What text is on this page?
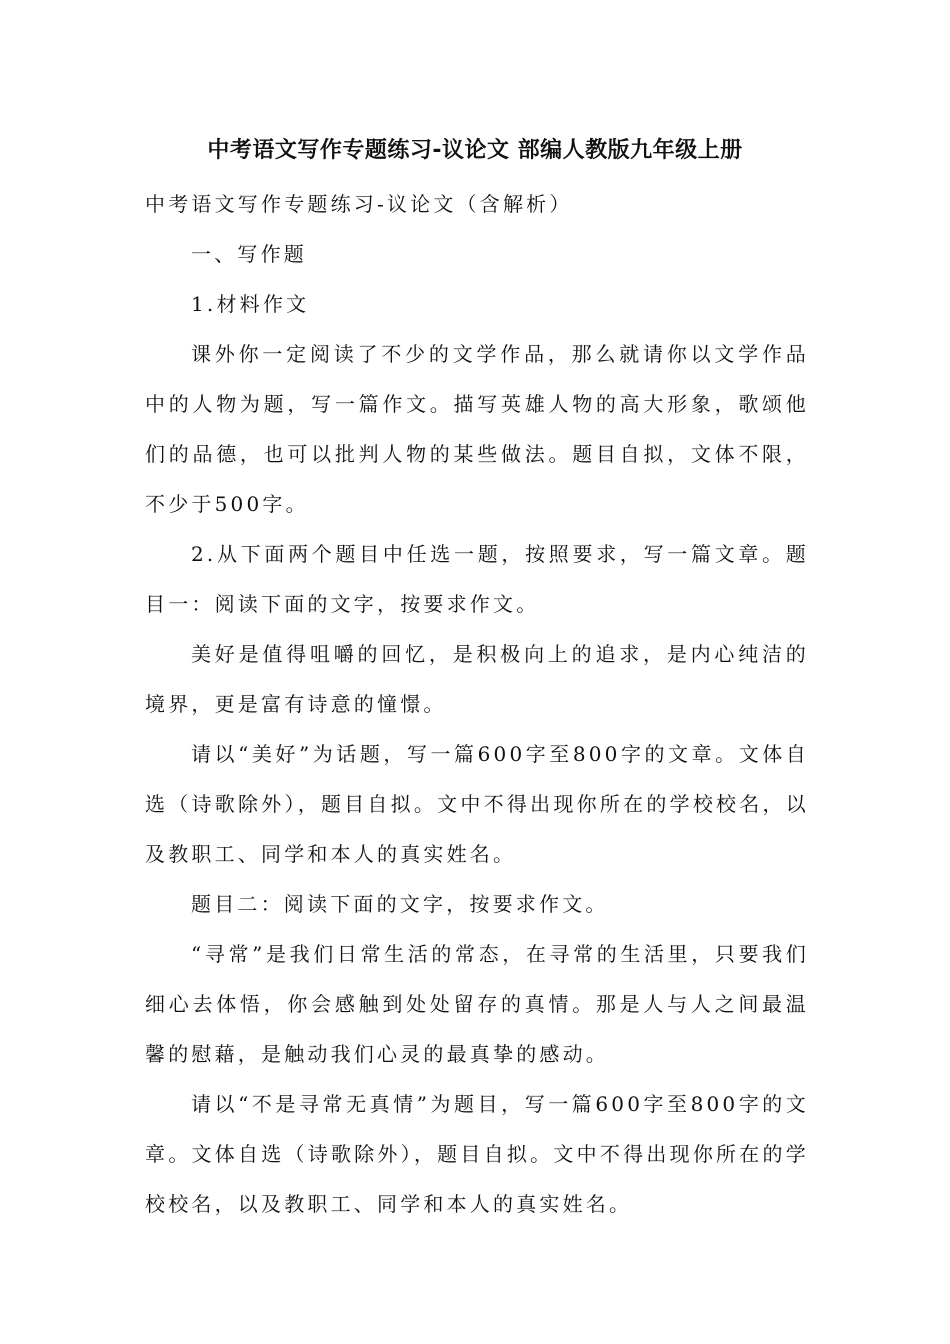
中考语文写作专题练习-议论文 部编人教版九年级上册

中考语文写作专题练习-议论文（含解析）

一、写作题

1.材料作文

课外你一定阅读了不少的文学作品，那么就请你以文学作品中的人物为题，写一篇作文。描写英雄人物的高大形象，歌颂他们的品德，也可以批判人物的某些做法。题目自拟，文体不限，不少于500字。

2.从下面两个题目中任选一题，按照要求，写一篇文章。题目一：阅读下面的文字，按要求作文。

美好是值得咀嚼的回忆，是积极向上的追求，是内心纯洁的境界，更是富有诗意的憧憬。

请以“美好”为话题，写一篇600字至800字的文章。文体自选（诗歌除外），题目自拟。文中不得出现你所在的学校校名，以及教职工、同学和本人的真实姓名。

题目二：阅读下面的文字，按要求作文。

“寻常”是我们日常生活的常态，在寻常的生活里，只要我们细心去体悟，你会感触到处处留存的真情。那是人与人之间最温馨的慰藉，是触动我们心灵的最真挚的感动。

请以“不是寻常无真情”为题目，写一篇600字至800字的文章。文体自选（诗歌除外），题目自拟。文中不得出现你所在的学校校名，以及教职工、同学和本人的真实姓名。
